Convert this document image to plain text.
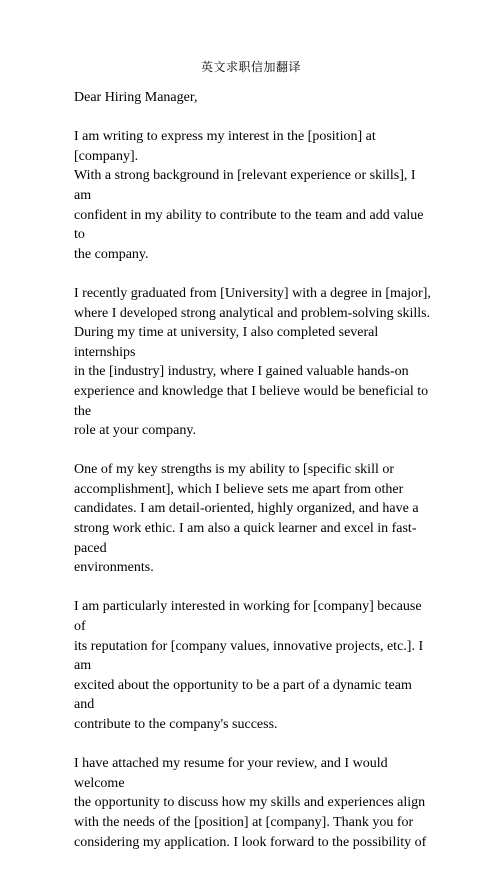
英文求职信加翻译

Dear Hiring Manager,

I am writing to express my interest in the [position] at [company].
With a strong background in [relevant experience or skills], I am
confident in my ability to contribute to the team and add value to
the company.

I recently graduated from [University] with a degree in [major],
where I developed strong analytical and problem-solving skills.
During my time at university, I also completed several internships
in the [industry] industry, where I gained valuable hands-on
experience and knowledge that I believe would be beneficial to the
role at your company.

One of my key strengths is my ability to [specific skill or
accomplishment], which I believe sets me apart from other
candidates. I am detail-oriented, highly organized, and have a
strong work ethic. I am also a quick learner and excel in fast-paced
environments.

I am particularly interested in working for [company] because of
its reputation for [company values, innovative projects, etc.]. I am
excited about the opportunity to be a part of a dynamic team and
contribute to the company's success.

I have attached my resume for your review, and I would welcome
the opportunity to discuss how my skills and experiences align
with the needs of the [position] at [company]. Thank you for
considering my application. I look forward to the possibility of
